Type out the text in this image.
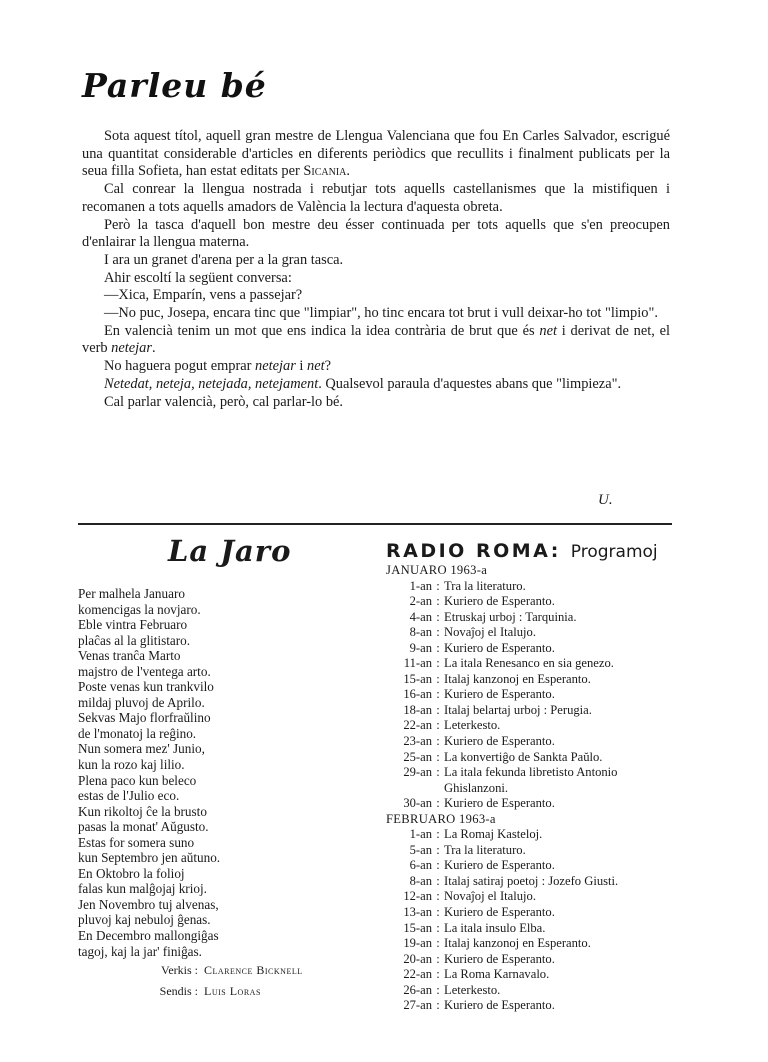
Parleu bé

Sota aquest títol, aquell gran mestre de Llengua Valenciana que fou En Carles Salvador, escrigué una quantitat considerable d'articles en diferents periòdics que recullits i finalment publicats per la seua filla Sofieta, han estat editats per Sicania.

Cal conrear la llengua nostrada i rebutjar tots aquells castellanismes que la mistifiquen i recomanen a tots aquells amadors de València la lectura d'aquesta obreta.

Però la tasca d'aquell bon mestre deu ésser continuada per tots aquells que s'en preocupen d'enlairar la llengua materna.

I ara un granet d'arena per a la gran tasca.

Ahir escoltí la següent conversa:

—Xica, Emparín, vens a passejar?

—No puc, Josepa, encara tinc que "limpiar", ho tinc encara tot brut i vull deixar-ho tot "limpio".

En valencià tenim un mot que ens indica la idea contrària de brut que és net i derivat de net, el verb netejar.

No haguera pogut emprar netejar i net?

Netedat, neteja, netejada, netejament. Qualsevol paraula d'aquestes abans que "limpieza".

Cal parlar valencià, però, cal parlar-lo bé.

U.
La Jaro
Per malhela Januaro
komencigas la novjaro.
Eble vintra Februaro
plaĉas al la glitistaro.
Venas tranĉa Marto
majstro de l'ventega arto.
Poste venas kun trankvilo
mildaj pluvoj de Aprilo.
Sekvas Majo florfraŭlino
de l'monatoj la reĝino.
Nun somera mez' Junio,
kun la rozo kaj lilio.
Plena paco kun beleco
estas de l'Julio eco.
Kun rikoltoj ĉe la brusto
pasas la monat' Aŭgusto.
Estas for somera suno
kun Septembro jen aŭtuno.
En Oktobro la folioj
falas kun malĝojaj krioj.
Jen Novembro tuj alvenas,
pluvoj kaj nebuloj ĝenas.
En Decembro mallongiĝas
tagoj, kaj la jar' finiĝas.
Verkis : Clarence Bicknell
Sendis : Luis Loras
RADIO ROMA: Programoj
JANUARO 1963-a
1-an : Tra la literaturo.
2-an : Kuriero de Esperanto.
4-an : Etruskaj urboj : Tarquinia.
8-an : Novaĵoj el Italujo.
9-an : Kuriero de Esperanto.
11-an : La itala Renesanco en sia genezo.
15-an : Italaj kanzonoj en Esperanto.
16-an : Kuriero de Esperanto.
18-an : Italaj belartaj urboj : Perugia.
22-an : Leterkesto.
23-an : Kuriero de Esperanto.
25-an : La konvertiĝo de Sankta Paŭlo.
29-an : La itala fekunda libretisto Antonio Ghislanzoni.
30-an : Kuriero de Esperanto.
FEBRUARO 1963-a
1-an : La Romaj Kasteloj.
5-an : Tra la literaturo.
6-an : Kuriero de Esperanto.
8-an : Italaj satiraj poetoj : Jozefo Giusti.
12-an : Novaĵoj el Italujo.
13-an : Kuriero de Esperanto.
15-an : La itala insulo Elba.
19-an : Italaj kanzonoj en Esperanto.
20-an : Kuriero de Esperanto.
22-an : La Roma Karnavalo.
26-an : Leterkesto.
27-an : Kuriero de Esperanto.
